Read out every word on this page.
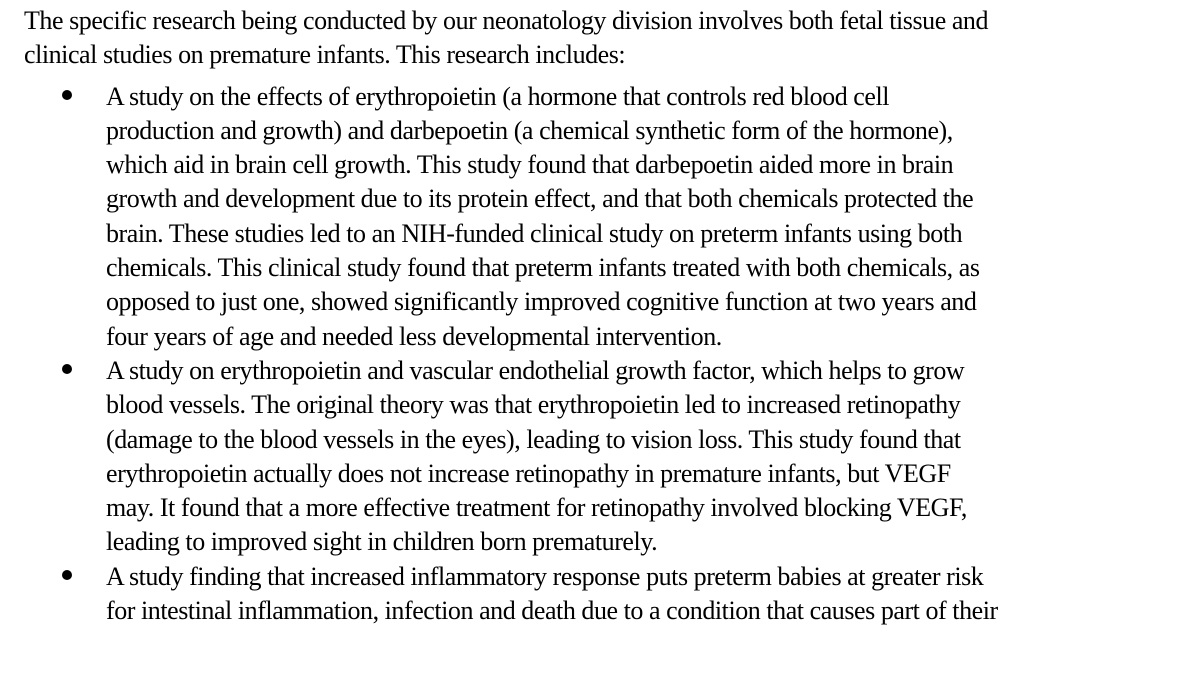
The specific research being conducted by our neonatology division involves both fetal tissue and
clinical studies on premature infants. This research includes:

A study on the effects of erythropoietin (a hormone that controls red blood cell
production and growth) and darbepoetin (a chemical synthetic form of the hormone),
which aid in brain cell growth. This study found that darbepoetin aided more in brain
growth and development due to its protein effect, and that both chemicals protected the
brain. These studies led to an NIH-funded clinical study on preterm infants using both
chemicals. This clinical study found that preterm infants treated with both chemicals, as
opposed to just one, showed significantly improved cognitive function at two years and
four years of age and needed less developmental intervention.
A study on erythropoietin and vascular endothelial growth factor, which helps to grow
blood vessels. The original theory was that erythropoietin led to increased retinopathy
(damage to the blood vessels in the eyes), leading to vision loss. This study found that
erythropoietin actually does not increase retinopathy in premature infants, but VEGF
may. It found that a more effective treatment for retinopathy involved blocking VEGF,
leading to improved sight in children born prematurely.
A study finding that increased inflammatory response puts preterm babies at greater risk
for intestinal inflammation, infection and death due to a condition that causes part of their
